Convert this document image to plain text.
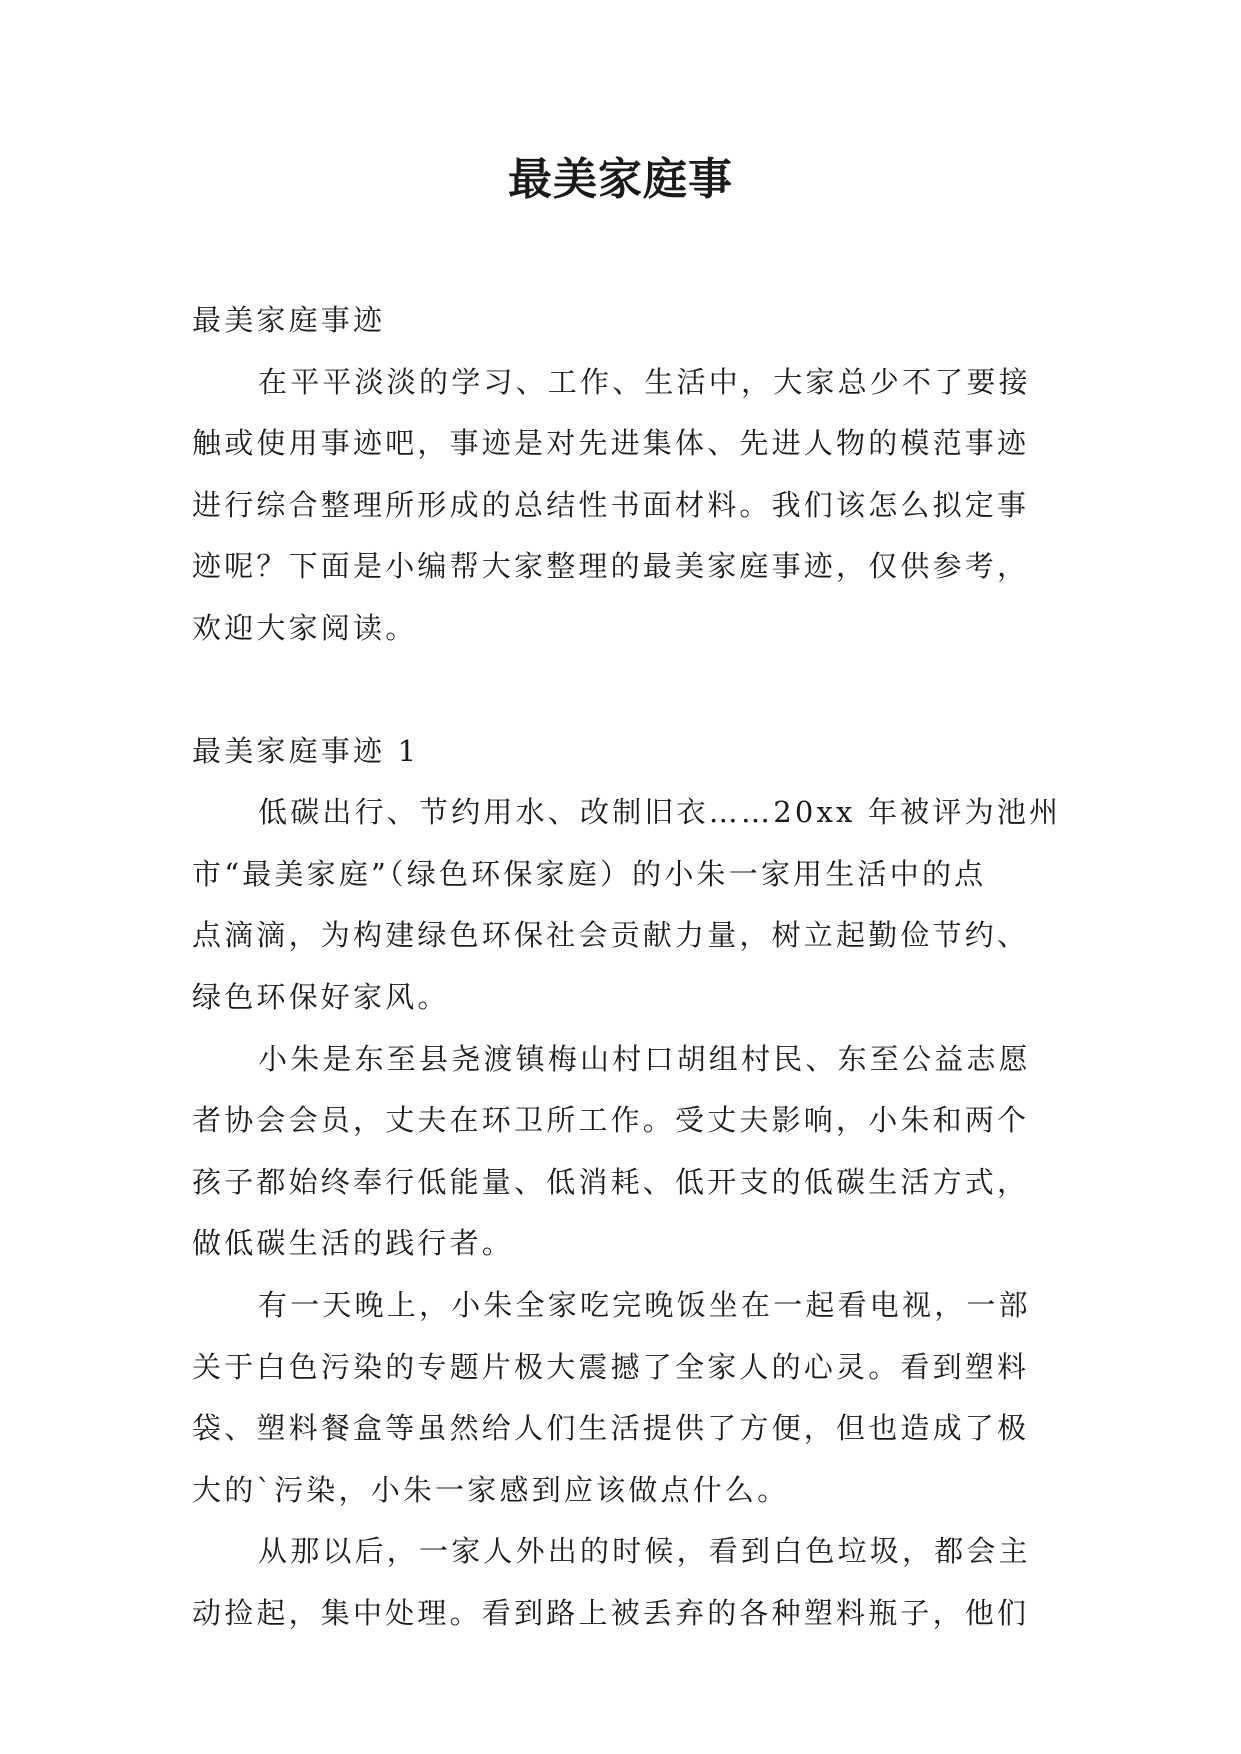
最美家庭事

最美家庭事迹

在平平淡淡的学习、工作、生活中，大家总少不了要接
触或使用事迹吧，事迹是对先进集体、先进人物的模范事迹
进行综合整理所形成的总结性书面材料。我们该怎么拟定事
迹呢？下面是小编帮大家整理的最美家庭事迹，仅供参考，
欢迎大家阅读。

最美家庭事迹 1

低碳出行、节约用水、改制旧衣……20xx 年被评为池州
市“最美家庭”（绿色环保家庭）的小朱一家用生活中的点
点滴滴，为构建绿色环保社会贡献力量，树立起勤俭节约、
绿色环保好家风。
小朱是东至县尧渡镇梅山村口胡组村民、东至公益志愿
者协会会员，丈夫在环卫所工作。受丈夫影响，小朱和两个
孩子都始终奉行低能量、低消耗、低开支的低碳生活方式，
做低碳生活的践行者。
有一天晚上，小朱全家吃完晚饭坐在一起看电视，一部
关于白色污染的专题片极大震撼了全家人的心灵。看到塑料
袋、塑料餐盒等虽然给人们生活提供了方便，但也造成了极
大的`污染，小朱一家感到应该做点什么。
从那以后，一家人外出的时候，看到白色垃圾，都会主
动捡起，集中处理。看到路上被丢弃的各种塑料瓶子，他们
